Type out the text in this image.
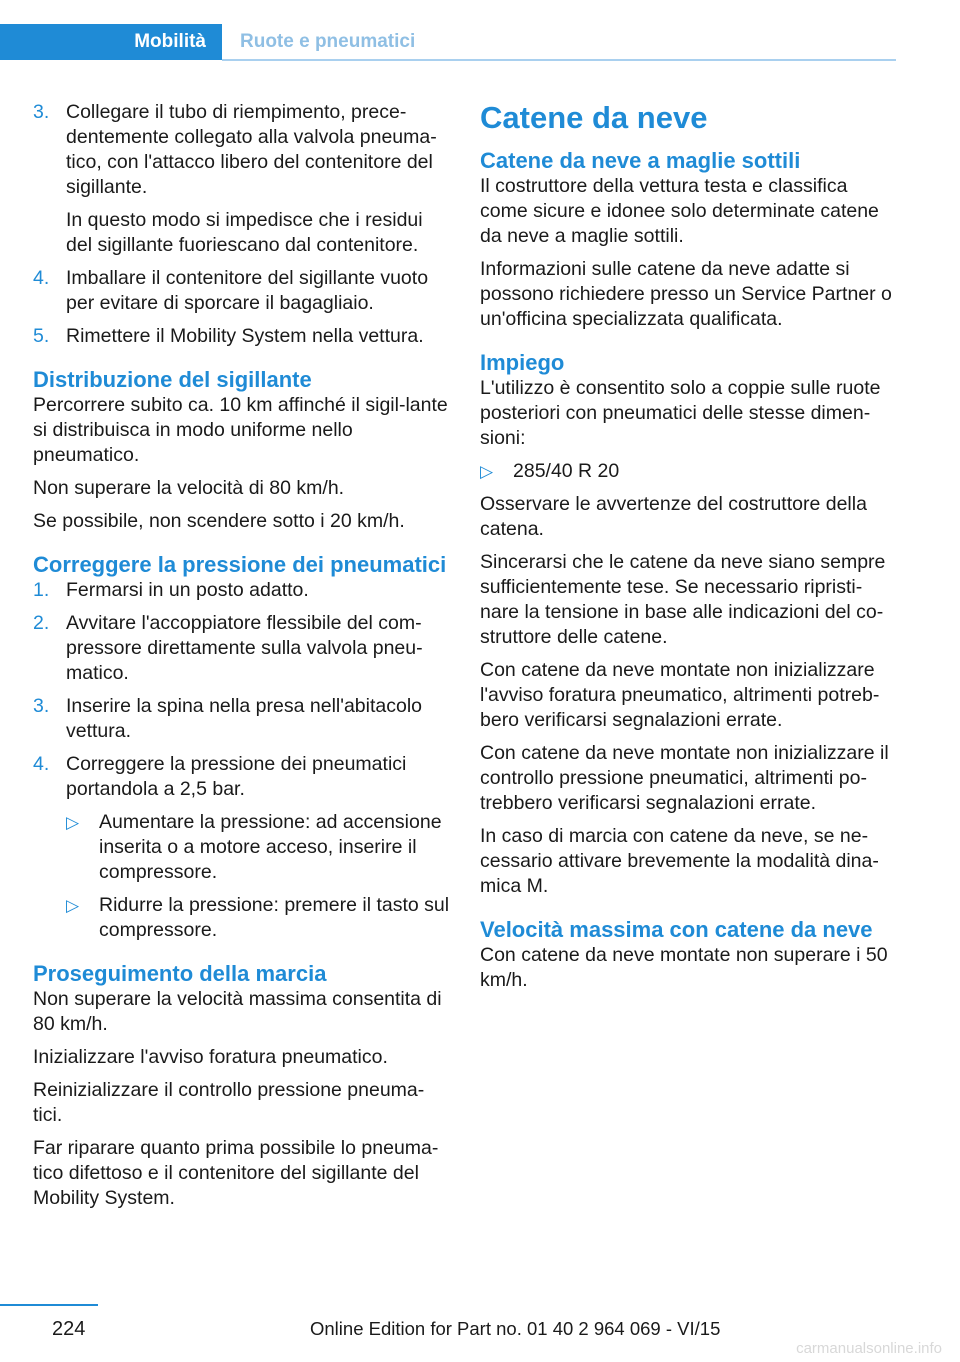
Mobilità	Ruote e pneumatici
3. Collegare il tubo di riempimento, prece-dentemente collegato alla valvola pneuma-tico, con l'attacco libero del contenitore del sigillante.
In questo modo si impedisce che i residui del sigillante fuoriescano dal contenitore.
4. Imballare il contenitore del sigillante vuoto per evitare di sporcare il bagagliaio.
5. Rimettere il Mobility System nella vettura.
Distribuzione del sigillante

Percorrere subito ca. 10 km affinché il sigil-lante si distribuisca in modo uniforme nello pneumatico.

Non superare la velocità di 80 km/h.

Se possibile, non scendere sotto i 20 km/h.

Correggere la pressione dei pneumatici
1. Fermarsi in un posto adatto.
2. Avvitare l'accoppiatore flessibile del com-pressore direttamente sulla valvola pneu-matico.
3. Inserire la spina nella presa nell'abitacolo vettura.
4. Correggere la pressione dei pneumatici portandola a 2,5 bar.
▷ Aumentare la pressione: ad accensione inserita o a motore acceso, inserire il compressore.
▷ Ridurre la pressione: premere il tasto sul compressore.
Proseguimento della marcia

Non superare la velocità massima consentita di 80 km/h.

Inizializzare l'avviso foratura pneumatico.

Reinizializzare il controllo pressione pneuma-tici.

Far riparare quanto prima possibile lo pneuma-tico difettoso e il contenitore del sigillante del Mobility System.

Catene da neve
Catene da neve a maglie sottili

Il costruttore della vettura testa e classifica come sicure e idonee solo determinate catene da neve a maglie sottili.

Informazioni sulle catene da neve adatte si possono richiedere presso un Service Partner o un'officina specializzata qualificata.

Impiego

L'utilizzo è consentito solo a coppie sulle ruote posteriori con pneumatici delle stesse dimen-sioni:

▷ 285/40 R 20

Osservare le avvertenze del costruttore della catena.

Sincerarsi che le catene da neve siano sempre sufficientemente tese. Se necessario ripristi-nare la tensione in base alle indicazioni del co-struttore delle catene.

Con catene da neve montate non inizializzare l'avviso foratura pneumatico, altrimenti potreb-bero verificarsi segnalazioni errate.

Con catene da neve montate non inizializzare il controllo pressione pneumatici, altrimenti po-trebbero verificarsi segnalazioni errate.

In caso di marcia con catene da neve, se ne-cessario attivare brevemente la modalità dina-mica M.

Velocità massima con catene da neve

Con catene da neve montate non superare i 50 km/h.

224	Online Edition for Part no. 01 40 2 964 069 - VI/15
carmanualsonline.info
